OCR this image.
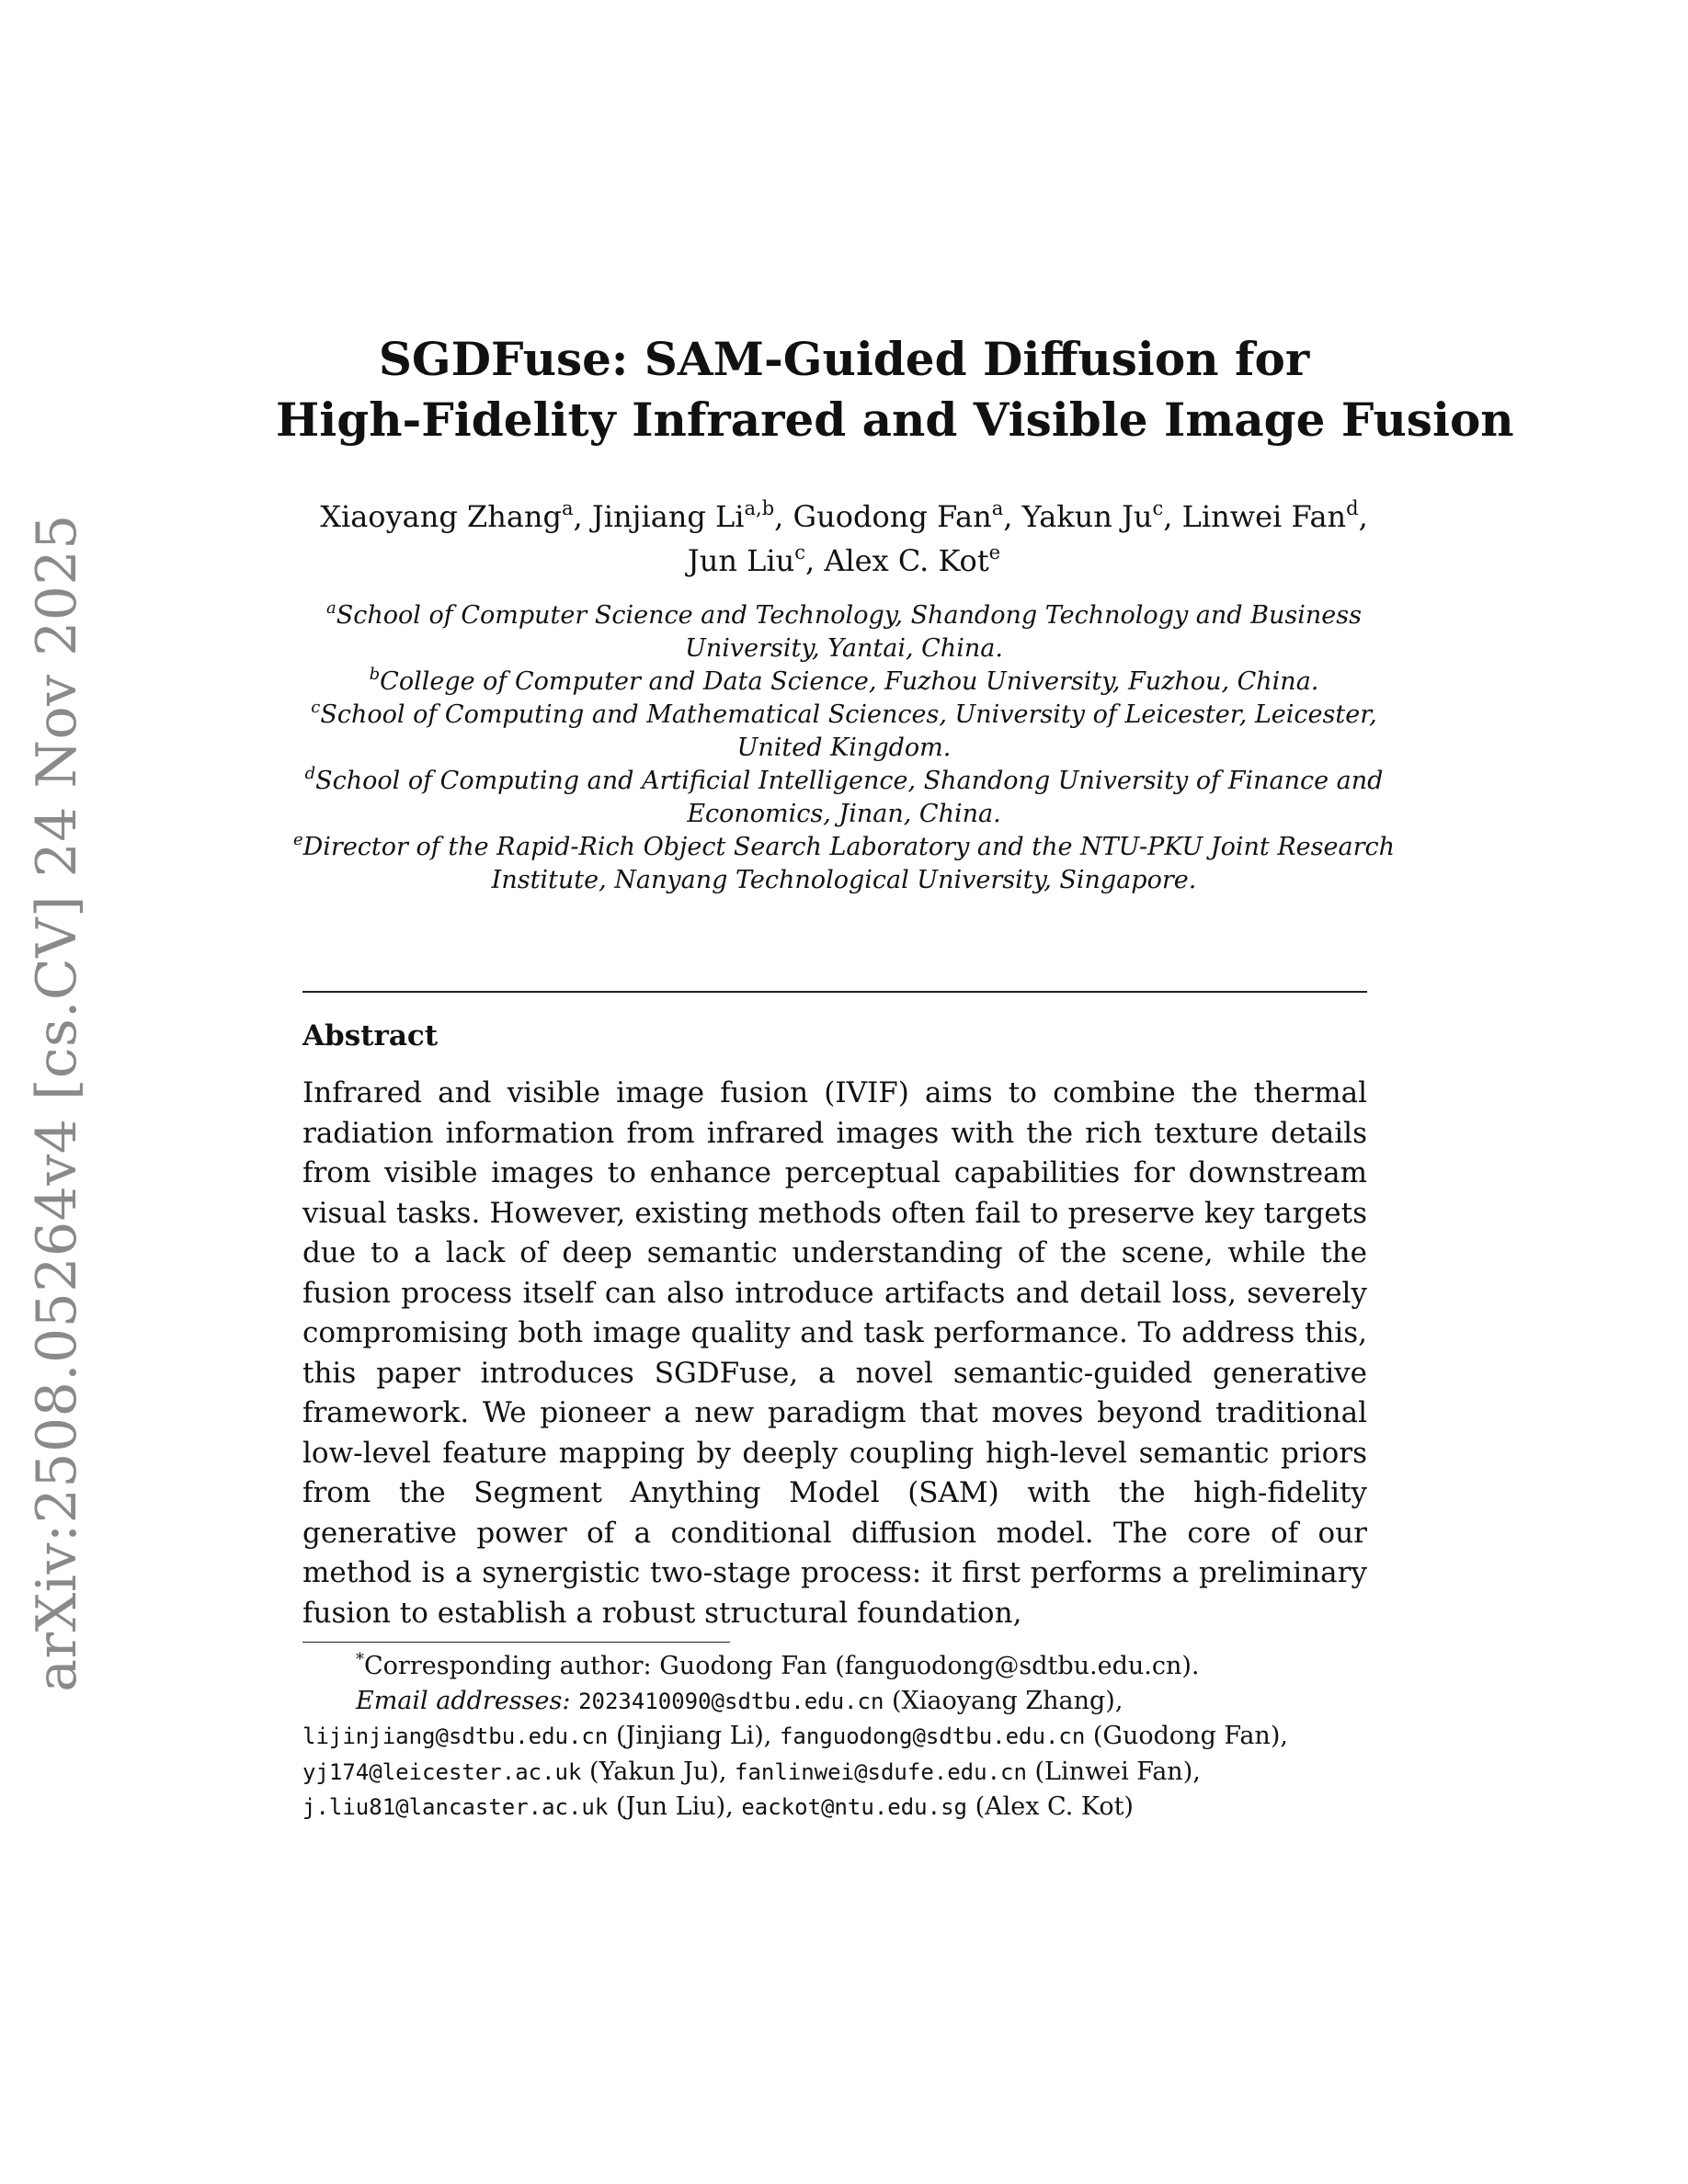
arXiv:2508.05264v4 [cs.CV] 24 Nov 2025
SGDFuse: SAM-Guided Diffusion for
High-Fidelity Infrared and Visible Image Fusion
Xiaoyang Zhang$^a$, Jinjiang Li$^{a,b}$, Guodong Fan$^a$, Yakun Ju$^c$, Linwei Fan$^d$,
Jun Liu$^c$, Alex C. Kot$^e$
$^a$School of Computer Science and Technology, Shandong Technology and Business
University, Yantai, China.
$^b$College of Computer and Data Science, Fuzhou University, Fuzhou, China.
$^c$School of Computing and Mathematical Sciences, University of Leicester, Leicester,
United Kingdom.
$^d$School of Computing and Artificial Intelligence, Shandong University of Finance and
Economics, Jinan, China.
$^e$Director of the Rapid-Rich Object Search Laboratory and the NTU-PKU Joint Research
Institute, Nanyang Technological University, Singapore.
Abstract
Infrared and visible image fusion (IVIF) aims to combine the thermal radiation information from infrared images with the rich texture details from visible images to enhance perceptual capabilities for downstream visual tasks. However, existing methods often fail to preserve key targets due to a lack of deep semantic understanding of the scene, while the fusion process itself can also introduce artifacts and detail loss, severely compromising both image quality and task performance. To address this, this paper introduces SGDFuse, a novel semantic-guided generative framework. We pioneer a new paradigm that moves beyond traditional low-level feature mapping by deeply coupling high-level semantic priors from the Segment Anything Model (SAM) with the high-fidelity generative power of a conditional diffusion model. The core of our method is a synergistic two-stage process: it first performs a preliminary fusion to establish a robust structural foundation,
*Corresponding author: Guodong Fan (fanguodong@sdtbu.edu.cn).
Email addresses: 2023410090@sdtbu.edu.cn (Xiaoyang Zhang),
lijinjiang@sdtbu.edu.cn (Jinjiang Li), fanguodong@sdtbu.edu.cn (Guodong Fan),
yj174@leicester.ac.uk (Yakun Ju), fanlinwei@sdufe.edu.cn (Linwei Fan),
j.liu81@lancaster.ac.uk (Jun Liu), eackot@ntu.edu.sg (Alex C. Kot)
